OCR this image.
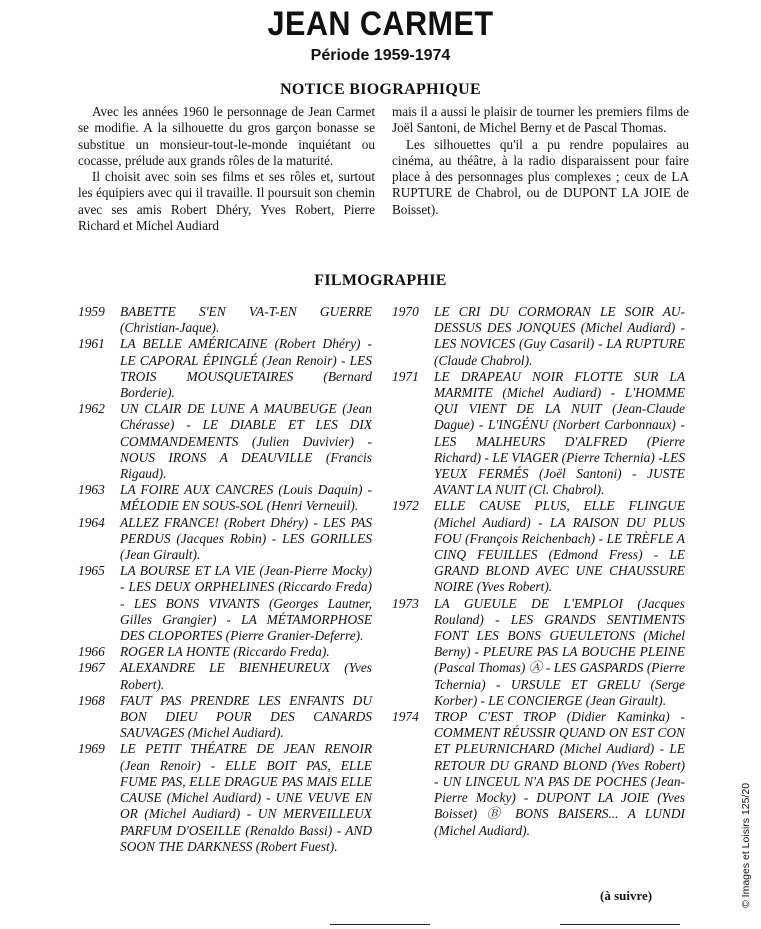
JEAN CARMET
Période 1959-1974
NOTICE BIOGRAPHIQUE

Avec les années 1960 le personnage de Jean Carmet se modifie. A la silhouette du gros garçon bonasse se substitue un monsieur-tout-le-monde inquiétant ou cocasse, prélude aux grands rôles de la maturité.

Il choisit avec soin ses films et ses rôles et, surtout les équipiers avec qui il travaille. Il poursuit son chemin avec ses amis Robert Dhéry, Yves Robert, Pierre Richard et Michel Audiard

mais il a aussi le plaisir de tourner les premiers films de Joël Santoni, de Michel Berny et de Pascal Thomas.

Les silhouettes qu'il a pu rendre populaires au cinéma, au théâtre, à la radio disparaissent pour faire place à des personnages plus complexes ; ceux de LA RUPTURE de Chabrol, ou de DUPONT LA JOIE de Boisset).

FILMOGRAPHIE
1959	BABETTE S'EN VA-T-EN GUERRE (Christian-Jaque).
1961	LA BELLE AMÉRICAINE (Robert Dhéry) - LE CAPORAL ÉPINGLÉ (Jean Renoir) - LES TROIS MOUSQUETAIRES (Bernard Borderie).
1962	UN CLAIR DE LUNE A MAUBEUGE (Jean Chérasse) - LE DIABLE ET LES DIX COMMANDEMENTS (Julien Duvivier) -NOUS IRONS A DEAUVILLE (Francis Rigaud).
1963	LA FOIRE AUX CANCRES (Louis Daquin) - MÉLODIE EN SOUS-SOL (Henri Verneuil).
1964	ALLEZ FRANCE! (Robert Dhéry) - LES PAS PERDUS (Jacques Robin) - LES GORILLES (Jean Girault).
1965	LA BOURSE ET LA VIE (Jean-Pierre Mocky) - LES DEUX ORPHELINES (Riccardo Freda) - LES BONS VIVANTS (Georges Lautner, Gilles Grangier) - LA MÉTAMORPHOSE DES CLOPORTES (Pierre Granier-Deferre).
1966	ROGER LA HONTE (Riccardo Freda).
1967	ALEXANDRE LE BIENHEUREUX (Yves Robert).
1968	FAUT PAS PRENDRE LES ENFANTS DU BON DIEU POUR DES CANARDS SAUVAGES (Michel Audiard).
1969	LE PETIT THÉATRE DE JEAN RENOIR (Jean Renoir) - ELLE BOIT PAS, ELLE FUME PAS, ELLE DRAGUE PAS MAIS ELLE CAUSE (Michel Audiard) - UNE VEUVE EN OR (Michel Audiard) - UN MERVEILLEUX PARFUM D'OSEILLE (Renaldo Bassi) - AND SOON THE DARKNESS (Robert Fuest).
1970	LE CRI DU CORMORAN LE SOIR AU-DESSUS DES JONQUES (Michel Audiard) - LES NOVICES (Guy Casaril) - LA RUPTURE (Claude Chabrol).
1971	LE DRAPEAU NOIR FLOTTE SUR LA MARMITE (Michel Audiard) - L'HOMME QUI VIENT DE LA NUIT (Jean-Claude Dague) - L'INGÉNU (Norbert Carbonnaux) - LES MALHEURS D'ALFRED (Pierre Richard) - LE VIAGER (Pierre Tchernia) -LES YEUX FERMÉS (Joël Santoni) - JUSTE AVANT LA NUIT (Cl. Chabrol).
1972	ELLE CAUSE PLUS, ELLE FLINGUE (Michel Audiard) - LA RAISON DU PLUS FOU (François Reichenbach) - LE TRÈFLE A CINQ FEUILLES (Edmond Fress) - LE GRAND BLOND AVEC UNE CHAUSSURE NOIRE (Yves Robert).
1973	LA GUEULE DE L'EMPLOI (Jacques Rouland) - LES GRANDS SENTIMENTS FONT LES BONS GUEULETONS (Michel Berny) - PLEURE PAS LA BOUCHE PLEINE (Pascal Thomas) Ⓐ - LES GASPARDS (Pierre Tchernia) - URSULE ET GRELU (Serge Korber) - LE CONCIERGE (Jean Girault).
1974	TROP C'EST TROP (Didier Kaminka) - COMMENT RÉUSSIR QUAND ON EST CON ET PLEURNICHARD (Michel Audiard) - LE RETOUR DU GRAND BLOND (Yves Robert) - UN LINCEUL N'A PAS DE POCHES (Jean-Pierre Mocky) - DUPONT LA JOIE (Yves Boisset) Ⓑ BONS BAISERS... A LUNDI (Michel Audiard).
(à suivre)	© Images et Loisirs 125/20
